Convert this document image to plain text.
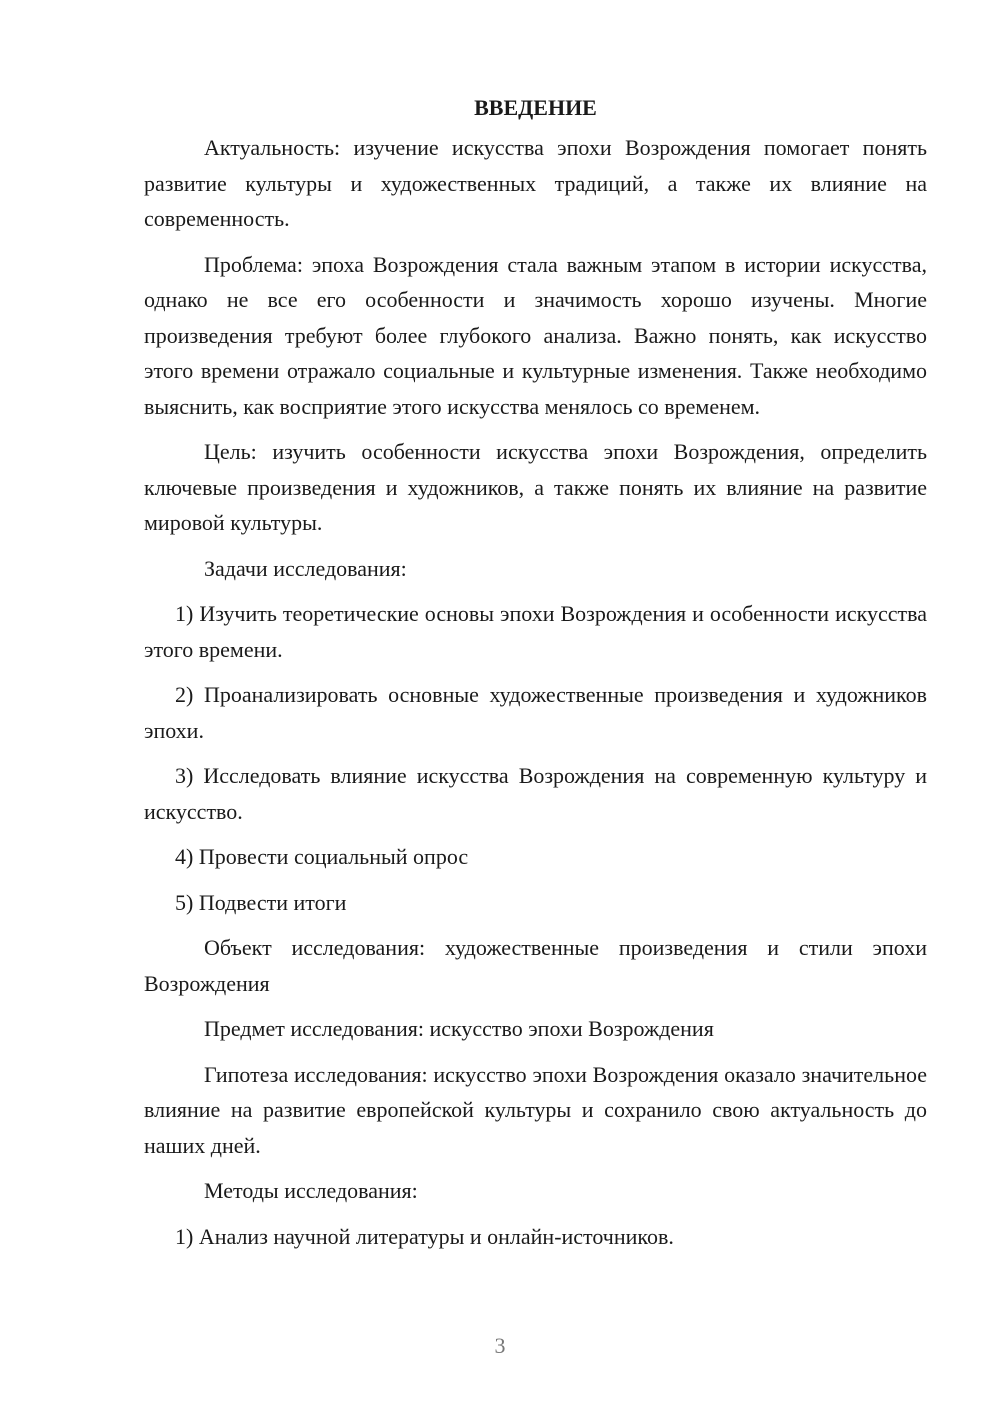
ВВЕДЕНИЕ

Актуальность: изучение искусства эпохи Возрождения помогает понять развитие культуры и художественных традиций, а также их влияние на современность.

Проблема: эпоха Возрождения стала важным этапом в истории искусства, однако не все его особенности и значимость хорошо изучены. Многие произведения требуют более глубокого анализа. Важно понять, как искусство этого времени отражало социальные и культурные изменения. Также необходимо выяснить, как восприятие этого искусства менялось со временем.

Цель: изучить особенности искусства эпохи Возрождения, определить ключевые произведения и художников, а также понять их влияние на развитие мировой культуры.

Задачи исследования:

1) Изучить теоретические основы эпохи Возрождения и особенности искусства этого времени.

2) Проанализировать основные художественные произведения и художников эпохи.

3) Исследовать влияние искусства Возрождения на современную культуру и искусство.

4) Провести социальный опрос

5) Подвести итоги

Объект исследования: художественные произведения и стили эпохи Возрождения

Предмет исследования: искусство эпохи Возрождения

Гипотеза исследования: искусство эпохи Возрождения оказало значительное влияние на развитие европейской культуры и сохранило свою актуальность до наших дней.

Методы исследования:

1) Анализ научной литературы и онлайн-источников.

3
